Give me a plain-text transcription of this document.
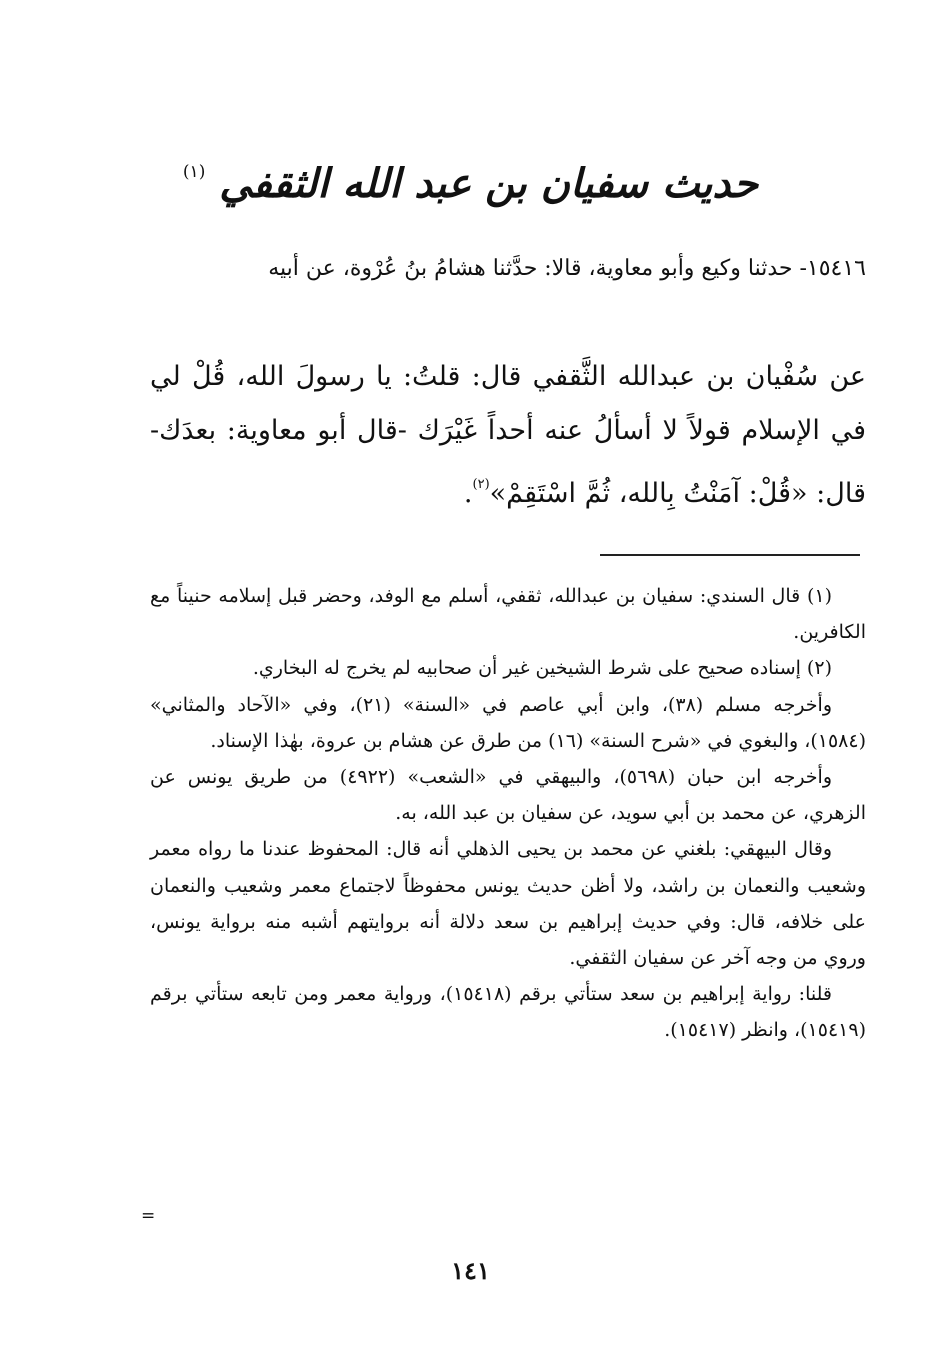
حديث سفيان بن عبد الله الثقفي $^{(١)}$
١٥٤١٦- حدثنا وكيع وأبو معاوية، قالا: حدَّثنا هشامُ بنُ عُرْوة، عن أبيه
عن سُفْيان بن عبدالله الثَّقفي قال: قلتُ: يا رسولَ الله، قُلْ لي في الإسلام قولاً لا أسألُ عنه أحداً غَيْرَك -قال أبو معاوية: بعدَك- قال: «قُلْ: آمَنْتُ بِالله، ثُمَّ اسْتَقِمْ»$^{(٢)}$.

(١) قال السندي: سفيان بن عبدالله، ثقفي، أسلم مع الوفد، وحضر قبل إسلامه حنيناً مع الكافرين.

(٢) إسناده صحيح على شرط الشيخين غير أن صحابيه لم يخرج له البخاري.

وأخرجه مسلم (٣٨)، وابن أبي عاصم في «السنة» (٢١)، وفي «الآحاد والمثاني» (١٥٨٤)، والبغوي في «شرح السنة» (١٦) من طرق عن هشام بن عروة، بهٰذا الإسناد.

وأخرجه ابن حبان (٥٦٩٨)، والبيهقي في «الشعب» (٤٩٢٢) من طريق يونس عن الزهري، عن محمد بن أبي سويد، عن سفيان بن عبد الله، به.

وقال البيهقي: بلغني عن محمد بن يحيى الذهلي أنه قال: المحفوظ عندنا ما رواه معمر وشعيب والنعمان بن راشد، ولا أظن حديث يونس محفوظاً لاجتماع معمر وشعيب والنعمان على خلافه، قال: وفي حديث إبراهيم بن سعد دلالة أنه بروايتهم أشبه منه برواية يونس، وروي من وجه آخر عن سفيان الثقفي.

قلنا: رواية إبراهيم بن سعد ستأتي برقم (١٥٤١٨)، ورواية معمر ومن تابعه ستأتي برقم (١٥٤١٩)، وانظر (١٥٤١٧).

=
١٤١
